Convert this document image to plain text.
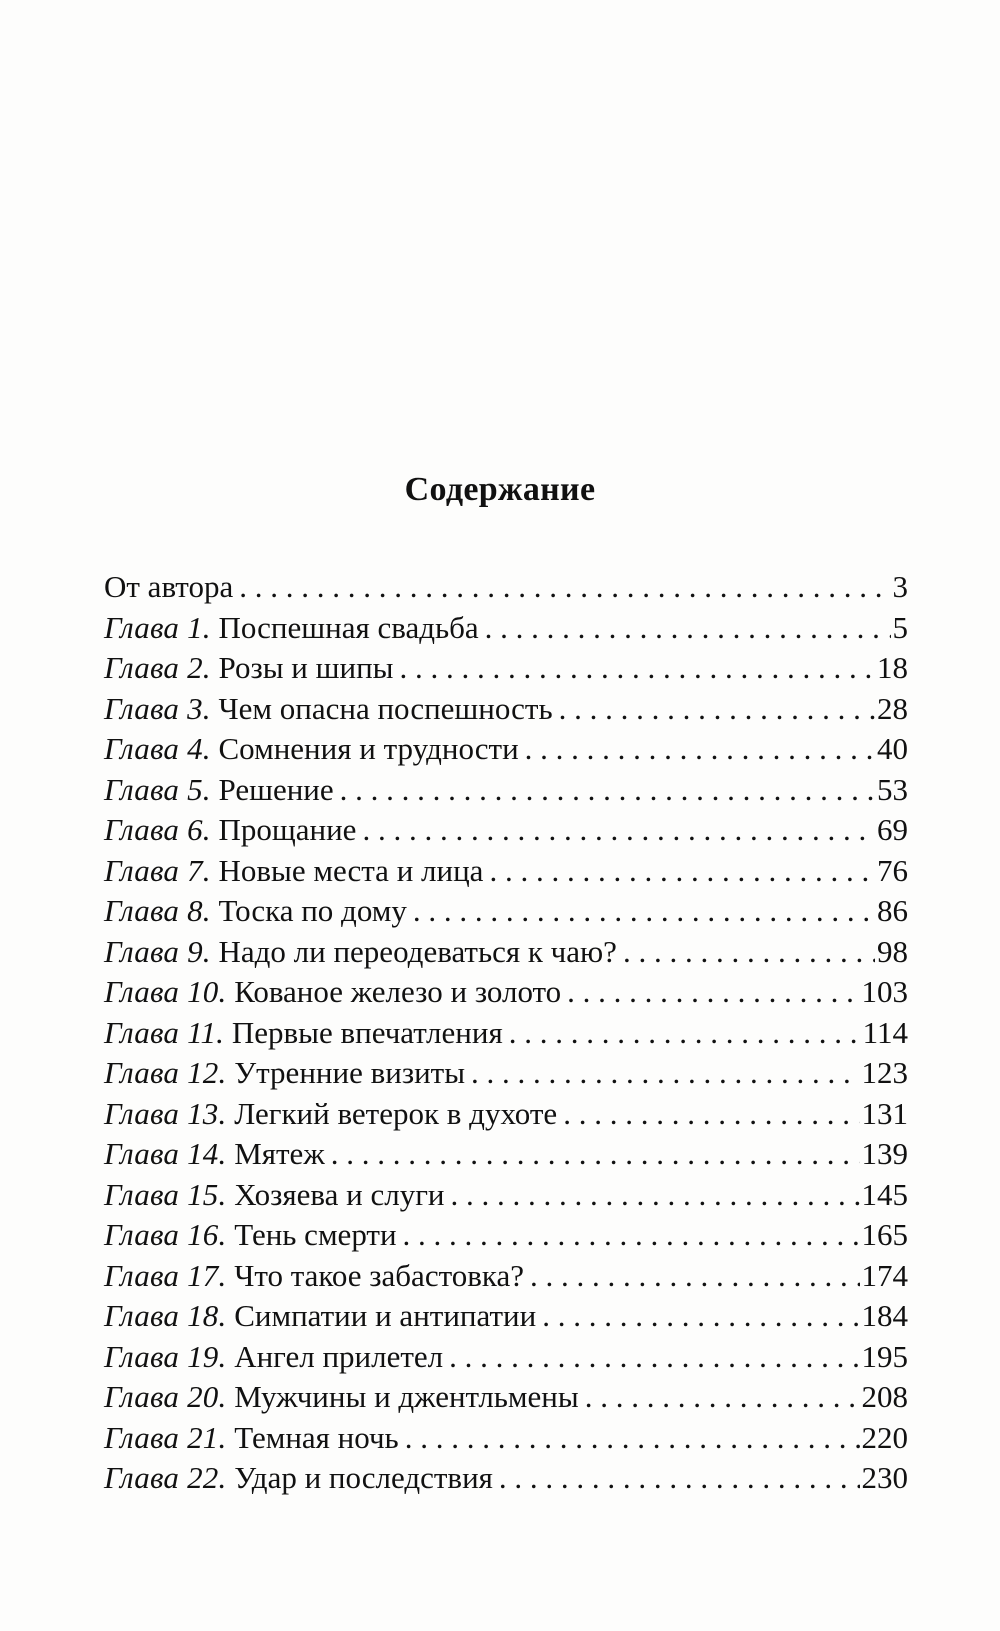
Содержание
От автора . . .	3
Глава 1. Поспешная свадьба . . .	5
Глава 2. Розы и шипы . . .	18
Глава 3. Чем опасна поспешность . . .	28
Глава 4. Сомнения и трудности . . .	40
Глава 5. Решение . . .	53
Глава 6. Прощание . . .	69
Глава 7. Новые места и лица . . .	76
Глава 8. Тоска по дому . . .	86
Глава 9. Надо ли переодеваться к чаю? . . .	98
Глава 10. Кованое железо и золото . . .	103
Глава 11. Первые впечатления . . .	114
Глава 12. Утренние визиты . . .	123
Глава 13. Легкий ветерок в духоте . . .	131
Глава 14. Мятеж . . .	139
Глава 15. Хозяева и слуги . . .	145
Глава 16. Тень смерти . . .	165
Глава 17. Что такое забастовка? . . .	174
Глава 18. Симпатии и антипатии . . .	184
Глава 19. Ангел прилетел . . .	195
Глава 20. Мужчины и джентльмены . . .	208
Глава 21. Темная ночь . . .	220
Глава 22. Удар и последствия . . .	230
